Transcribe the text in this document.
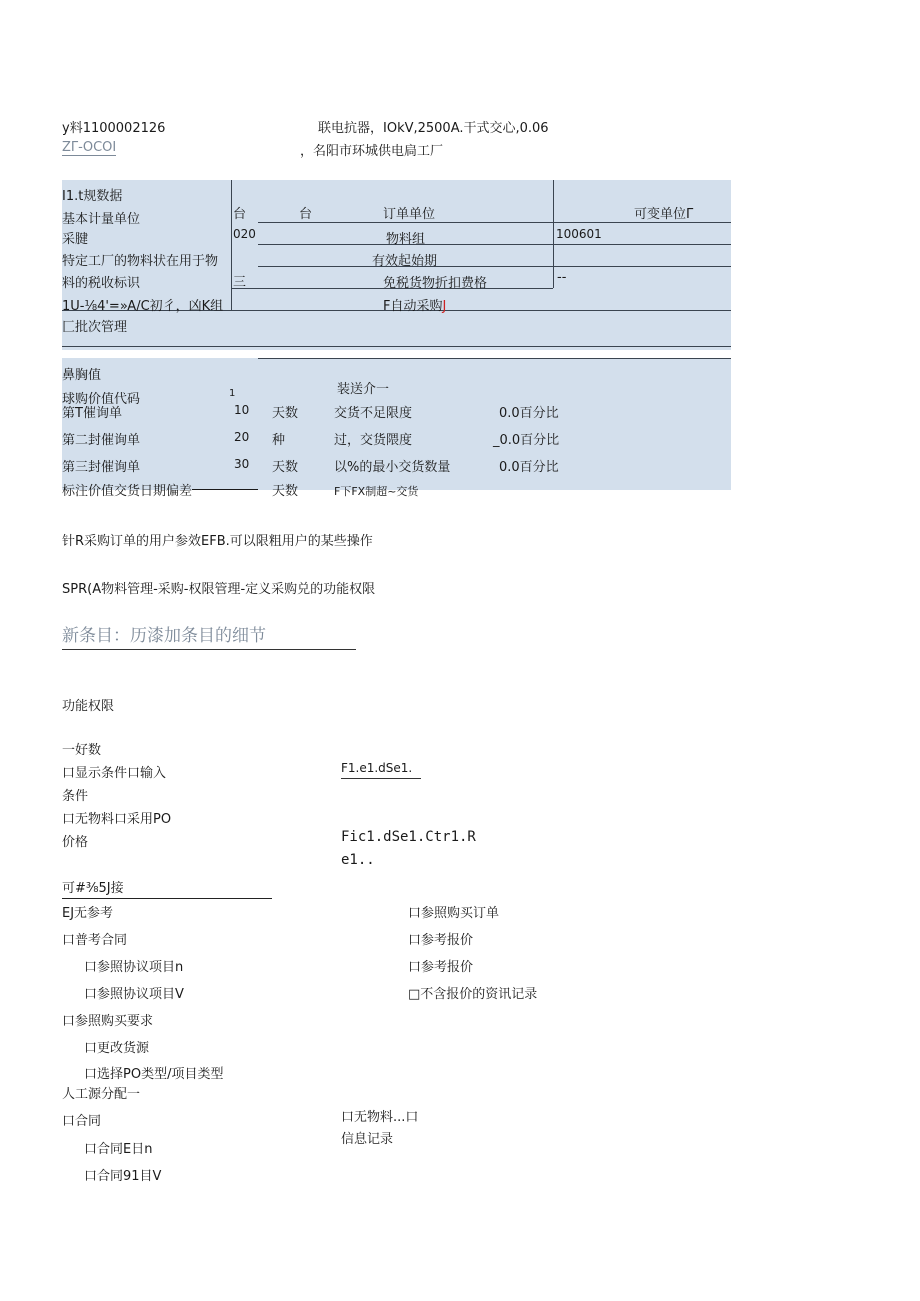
y料1100002126	联电抗器，IOkV,2500A.干式交心,0.06
ZΓ-OCOI	，名阳市环城供电扃工厂
I1.t规数据
基本计量单位	台	台	订单单位	可变单位Γ
采腱	020	物料组	100601
特定工厂的物料状在用于物	有效起始期
料的税收标识	三	免税货物折扣费格	--
1U-⅛4'=»A/C初彳，凶K组	F自动采购J
匚批次管理
鼻胸值
球购价值代码	1	装送介一
第T催询单	10 天数	交货不足限度	0.0百分比
第二封催询单	20 种	过，交货隈度	_0.0百分比
第三封催询单	30 天数	以%的最小交货数量	0.0百分比
标注价值交货日期偏差	天数	F下FX制超~交货
针R采购订单的用户参效EFB.可以限粗用户的某些操作
SPR(A物料管理-采购-权限管理-定义采购兑的功能权限
新条目：历漆加条目的细节
功能权限
一好数
口显示条件口输入
条件
口无物料口采用PO
价格
F1.e1.dSe1.
Fic1.dSe1.Ctr1.R
e1..
可#⅜5J接
EJ无参考
口普考合同
口参照协议项目n
口参照协议项目V
口参照购买要求
口更改货源
口选择PO类型/项目类型
口参照购买订单
口参考报价
口参考报价
□不含报价的资讯记录
人工源分配一
口合同
口合同E日n
口合同91目V
口无物料...口
信息记录
